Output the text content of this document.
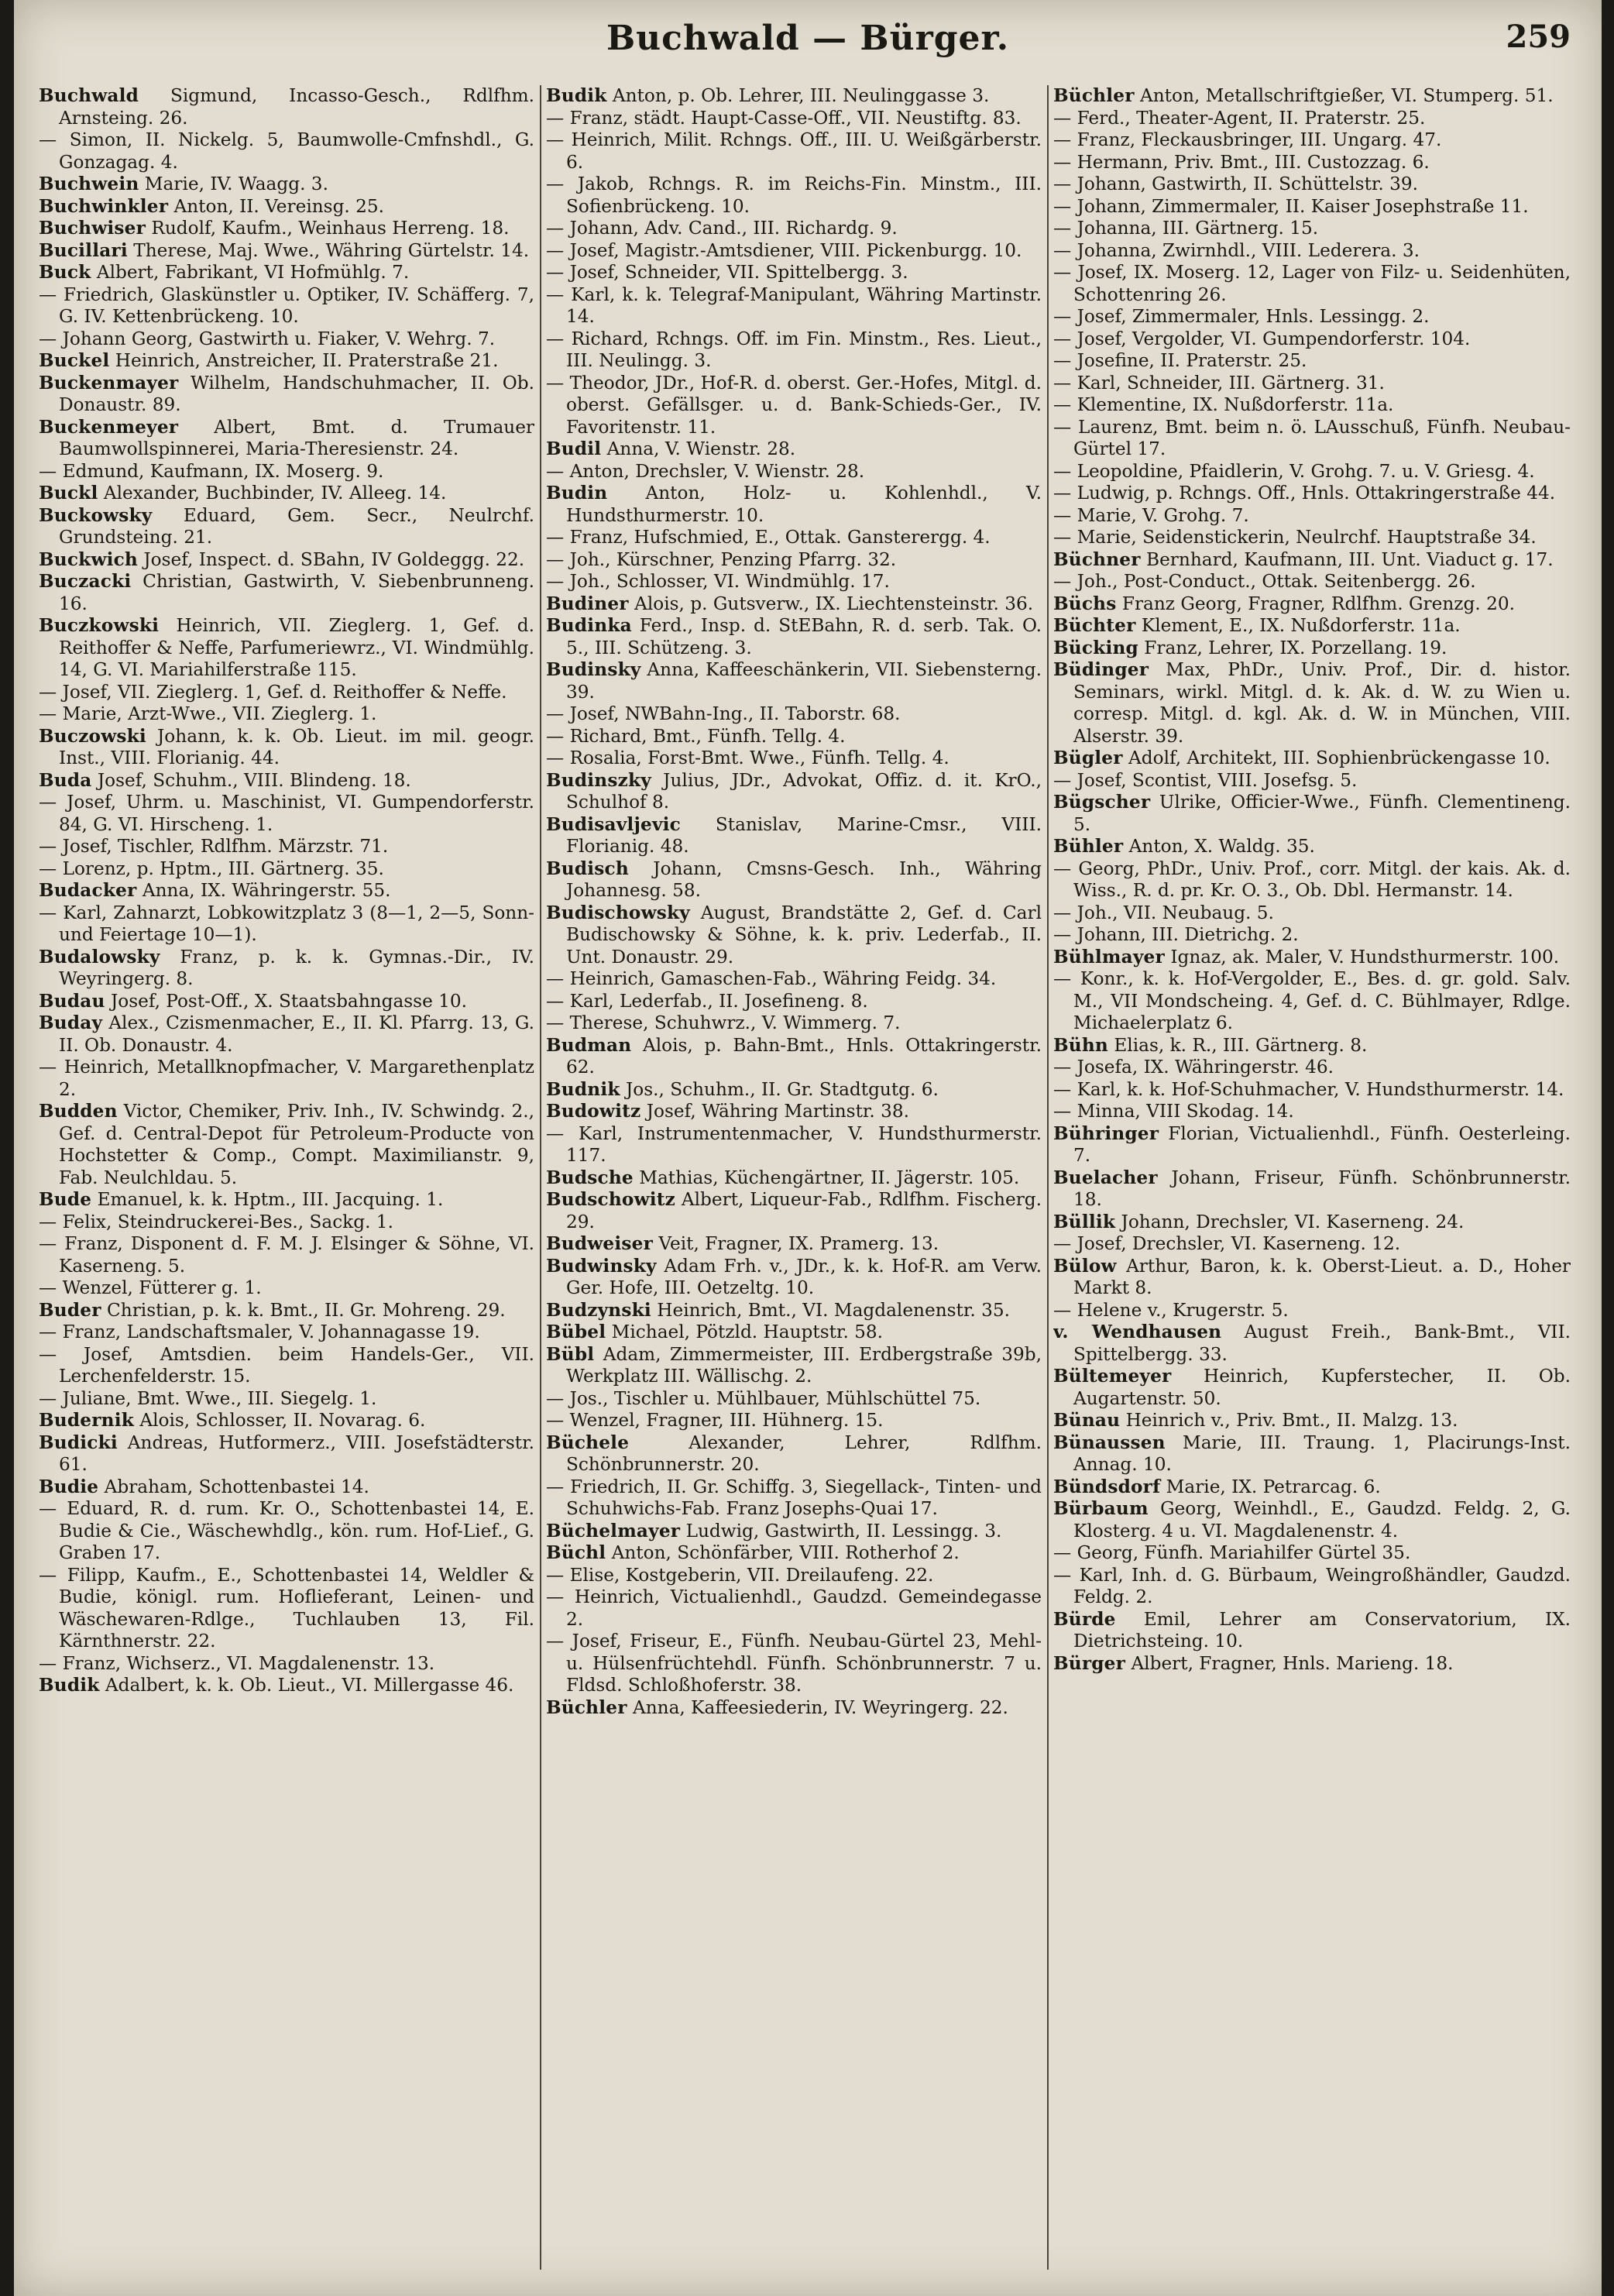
Buchwald — Bürger.	259
Buchwald Sigmund, Incasso-Gesch., Rdlfhm. Arnsteing. 26.
— Simon, II. Nickelg. 5, Baumwolle-Cmfnshdl., G. Gonzagag. 4.
Buchwein Marie, IV. Waagg. 3.
Buchwinkler Anton, II. Vereinsg. 25.
Buchwiser Rudolf, Kaufm., Weinhaus Herreng. 18.
Bucillari Therese, Maj. Wwe., Währing Gürtelstr. 14.
Buck Albert, Fabrikant, VI Hofmühlg. 7.
— Friedrich, Glaskünstler u. Optiker, IV. Schäfferg. 7, G. IV. Kettenbrückeng. 10.
— Johann Georg, Gastwirth u. Fiaker, V. Wehrg. 7.
Buckel Heinrich, Anstreicher, II. Praterstraße 21.
Buckenmayer Wilhelm, Handschuhmacher, II. Ob. Donaustr. 89.
Buckenmeyer Albert, Bmt. d. Trumauer Baumwollspinnerei, Maria-Theresienstr. 24.
— Edmund, Kaufmann, IX. Moserg. 9.
Buckl Alexander, Buchbinder, IV. Alleeg. 14.
Buckowsky Eduard, Gem. Secr., Neulrchf. Grundsteing. 21.
Buckwich Josef, Inspect. d. SBahn, IV Goldeggg. 22.
Buczacki Christian, Gastwirth, V. Siebenbrunneng. 16.
Buczkowski Heinrich, VII. Zieglerg. 1, Gef. d. Reithoffer & Neffe, Parfumeriewrz., VI. Windmühlg. 14, G. VI. Mariahilferstraße 115.
— Josef, VII. Zieglerg. 1, Gef. d. Reithoffer & Neffe.
— Marie, Arzt-Wwe., VII. Zieglerg. 1.
Buczowski Johann, k. k. Ob. Lieut. im mil. geogr. Inst., VIII. Florianig. 44.
Buda Josef, Schuhm., VIII. Blindeng. 18.
— Josef, Uhrm. u. Maschinist, VI. Gumpendorferstr. 84, G. VI. Hirscheng. 1.
— Josef, Tischler, Rdlfhm. Märzstr. 71.
— Lorenz, p. Hptm., III. Gärtnerg. 35.
Budacker Anna, IX. Währingerstr. 55.
— Karl, Zahnarzt, Lobkowitzplatz 3 (8—1, 2—5, Sonn- und Feiertage 10—1).
Budalowsky Franz, p. k. k. Gymnas.-Dir., IV. Weyringerg. 8.
Budau Josef, Post-Off., X. Staatsbahngasse 10.
Buday Alex., Czismenmacher, E., II. Kl. Pfarrg. 13, G. II. Ob. Donaustr. 4.
— Heinrich, Metallknopfmacher, V. Margarethenplatz 2.
Budden Victor, Chemiker, Priv. Inh., IV. Schwindg. 2., Gef. d. Central-Depot für Petroleum-Producte von Hochstetter & Comp., Compt. Maximilianstr. 9, Fab. Neulchldau. 5.
Bude Emanuel, k. k. Hptm., III. Jacquing. 1.
— Felix, Steindruckerei-Bes., Sackg. 1.
— Franz, Disponent d. F. M. J. Elsinger & Söhne, VI. Kaserneng. 5.
— Wenzel, Fütterer g. 1.
Buder Christian, p. k. k. Bmt., II. Gr. Mohreng. 29.
— Franz, Landschaftsmaler, V. Johannagasse 19.
— Josef, Amtsdien. beim Handels-Ger., VII. Lerchenfelderstr. 15.
— Juliane, Bmt. Wwe., III. Siegelg. 1.
Budernik Alois, Schlosser, II. Novarag. 6.
Budicki Andreas, Hutformerz., VIII. Josefstädterstr. 61.
Budie Abraham, Schottenbastei 14.
— Eduard, R. d. rum. Kr. O., Schottenbastei 14, E. Budie & Cie., Wäschewhdlg., kön. rum. Hof-Lief., G. Graben 17.
— Filipp, Kaufm., E., Schottenbastei 14, Weldler & Budie, königl. rum. Hoflieferant, Leinen- und Wäschewaren-Rdlge., Tuchlauben 13, Fil. Kärnthnerstr. 22.
— Franz, Wichserz., VI. Magdalenenstr. 13.
Budik Adalbert, k. k. Ob. Lieut., VI. Millergasse 46.
Budik Anton, p. Ob. Lehrer, III. Neulinggasse 3.
— Franz, städt. Haupt-Casse-Off., VII. Neustiftg. 83.
— Heinrich, Milit. Rchngs. Off., III. U. Weißgärberstr. 6.
— Jakob, Rchngs. R. im Reichs-Fin. Minstm., III. Sofienbrückeng. 10.
— Johann, Adv. Cand., III. Richardg. 9.
— Josef, Magistr.-Amtsdiener, VIII. Pickenburgg. 10.
— Josef, Schneider, VII. Spittelbergg. 3.
— Karl, k. k. Telegraf-Manipulant, Währing Martinstr. 14.
— Richard, Rchngs. Off. im Fin. Minstm., Res. Lieut., III. Neulingg. 3.
— Theodor, JDr., Hof-R. d. oberst. Ger.-Hofes, Mitgl. d. oberst. Gefällsger. u. d. Bank-Schieds-Ger., IV. Favoritenstr. 11.
Budil Anna, V. Wienstr. 28.
— Anton, Drechsler, V. Wienstr. 28.
Budin Anton, Holz- u. Kohlenhdl., V. Hundsthurmerstr. 10.
— Franz, Hufschmied, E., Ottak. Gansterergg. 4.
— Joh., Kürschner, Penzing Pfarrg. 32.
— Joh., Schlosser, VI. Windmühlg. 17.
Budiner Alois, p. Gutsverw., IX. Liechtensteinstr. 36.
Budinka Ferd., Insp. d. StEBahn, R. d. serb. Tak. O. 5., III. Schützeng. 3.
Budinsky Anna, Kaffeeschänkerin, VII. Siebensterng. 39.
— Josef, NWBahn-Ing., II. Taborstr. 68.
— Richard, Bmt., Fünfh. Tellg. 4.
— Rosalia, Forst-Bmt. Wwe., Fünfh. Tellg. 4.
Budinszky Julius, JDr., Advokat, Offiz. d. it. KrO., Schulhof 8.
Budisavljevic Stanislav, Marine-Cmsr., VIII. Florianig. 48.
Budisch Johann, Cmsns-Gesch. Inh., Währing Johannesg. 58.
Budischowsky August, Brandstätte 2, Gef. d. Carl Budischowsky & Söhne, k. k. priv. Lederfab., II. Unt. Donaustr. 29.
— Heinrich, Gamaschen-Fab., Währing Feidg. 34.
— Karl, Lederfab., II. Josefineng. 8.
— Therese, Schuhwrz., V. Wimmerg. 7.
Budman Alois, p. Bahn-Bmt., Hnls. Ottakringerstr. 62.
Budnik Jos., Schuhm., II. Gr. Stadtgutg. 6.
Budowitz Josef, Währing Martinstr. 38.
— Karl, Instrumentenmacher, V. Hundsthurmerstr. 117.
Budsche Mathias, Küchengärtner, II. Jägerstr. 105.
Budschowitz Albert, Liqueur-Fab., Rdlfhm. Fischerg. 29.
Budweiser Veit, Fragner, IX. Pramerg. 13.
Budwinsky Adam Frh. v., JDr., k. k. Hof-R. am Verw. Ger. Hofe, III. Oetzeltg. 10.
Budzynski Heinrich, Bmt., VI. Magdalenenstr. 35.
Bübel Michael, Pötzld. Hauptstr. 58.
Bübl Adam, Zimmermeister, III. Erdbergstraße 39b, Werkplatz III. Wällischg. 2.
— Jos., Tischler u. Mühlbauer, Mühlschüttel 75.
— Wenzel, Fragner, III. Hühnerg. 15.
Büchele	Alexander, Lehrer, Rdlfhm. Schönbrunnerstr. 20.
— Friedrich, II. Gr. Schiffg. 3, Siegellack-, Tinten- und Schuhwichs-Fab. Franz Josephs-Quai 17.
Büchelmayer Ludwig, Gastwirth, II. Lessingg. 3.
Büchl Anton, Schönfärber, VIII. Rotherhof 2.
— Elise, Kostgeberin, VII. Dreilaufeng. 22.
— Heinrich, Victualienhdl., Gaudzd. Gemeindegasse 2.
— Josef, Friseur, E., Fünfh. Neubau-Gürtel 23, Mehl- u. Hülsenfrüchtehdl. Fünfh. Schönbrunnerstr. 7 u. Fldsd. Schloßhoferstr. 38.
Büchler Anna, Kaffeesiederin, IV. Weyringerg. 22.
Büchler Anton, Metallschriftgießer, VI. Stumperg. 51.
— Ferd., Theater-Agent, II. Praterstr. 25.
— Franz, Fleckausbringer, III. Ungarg. 47.
— Hermann, Priv. Bmt., III. Custozzag. 6.
— Johann, Gastwirth, II. Schüttelstr. 39.
— Johann, Zimmermaler, II. Kaiser Josephstraße 11.
— Johanna, III. Gärtnerg. 15.
— Johanna, Zwirnhdl., VIII. Lederera. 3.
— Josef, IX. Moserg. 12, Lager von Filz- u. Seidenhüten, Schottenring 26.
— Josef, Zimmermaler, Hnls. Lessingg. 2.
— Josef, Vergolder, VI. Gumpendorferstr. 104.
— Josefine, II. Praterstr. 25.
— Karl, Schneider, III. Gärtnerg. 31.
— Klementine, IX. Nußdorferstr. 11a.
— Laurenz, Bmt. beim n. ö. LAusschuß, Fünfh. Neubau-Gürtel 17.
— Leopoldine, Pfaidlerin, V. Grohg. 7. u. V. Griesg. 4.
— Ludwig, p. Rchngs. Off., Hnls. Ottakringerstraße 44.
— Marie, V. Grohg. 7.
— Marie, Seidenstickerin, Neulrchf. Hauptstraße 34.
Büchner Bernhard, Kaufmann, III. Unt. Viaduct g. 17.
— Joh., Post-Conduct., Ottak. Seitenbergg. 26.
Büchs Franz Georg, Fragner, Rdlfhm. Grenzg. 20.
Büchter Klement, E., IX. Nußdorferstr. 11a.
Bücking Franz, Lehrer, IX. Porzellang. 19.
Büdinger Max, PhDr., Univ. Prof., Dir. d. histor. Seminars, wirkl. Mitgl. d. k. Ak. d. W. zu Wien u. corresp. Mitgl. d. kgl. Ak. d. W. in München, VIII. Alserstr. 39.
Bügler Adolf, Architekt, III. Sophienbrückengasse 10.
— Josef, Scontist, VIII. Josefsg. 5.
Bügscher Ulrike, Officier-Wwe., Fünfh. Clementineng. 5.
Bühler Anton, X. Waldg. 35.
— Georg, PhDr., Univ. Prof., corr. Mitgl. der kais. Ak. d. Wiss., R. d. pr. Kr. O. 3., Ob. Dbl. Hermanstr. 14.
— Joh., VII. Neubaug. 5.
— Johann, III. Dietrichg. 2.
Bühlmayer Ignaz, ak. Maler, V. Hundsthurmerstr. 100.
— Konr., k. k. Hof-Vergolder, E., Bes. d. gr. gold. Salv. M., VII Mondscheing. 4, Gef. d. C. Bühlmayer, Rdlge. Michaelerplatz 6.
Bühn Elias, k. R., III. Gärtnerg. 8.
— Josefa, IX. Währingerstr. 46.
— Karl, k. k. Hof-Schuhmacher, V. Hundsthurmerstr. 14.
— Minna, VIII Skodag. 14.
Bühringer Florian, Victualienhdl., Fünfh. Oesterleing. 7.
Buelacher Johann, Friseur, Fünfh. Schönbrunnerstr. 18.
Büllik Johann, Drechsler, VI. Kaserneng. 24.
— Josef, Drechsler, VI. Kaserneng. 12.
Bülow Arthur, Baron, k. k. Oberst-Lieut. a. D., Hoher Markt 8.
— Helene v., Krugerstr. 5.
v. Wendhausen August Freih., Bank-Bmt., VII. Spittelbergg. 33.
Bültemeyer Heinrich, Kupferstecher, II. Ob. Augartenstr. 50.
Bünau Heinrich v., Priv. Bmt., II. Malzg. 13.
Bünaussen Marie, III. Traung. 1, Placirungs-Inst. Annag. 10.
Bündsdorf Marie, IX. Petrarcag. 6.
Bürbaum Georg, Weinhdl., E., Gaudzd. Feldg. 2, G. Klosterg. 4 u. VI. Magdalenenstr. 4.
— Georg, Fünfh. Mariahilfer Gürtel 35.
— Karl, Inh. d. G. Bürbaum, Weingroßhändler, Gaudzd. Feldg. 2.
Bürde Emil, Lehrer am Conservatorium, IX. Dietrichsteing. 10.
Bürger Albert, Fragner, Hnls. Marieng. 18.
